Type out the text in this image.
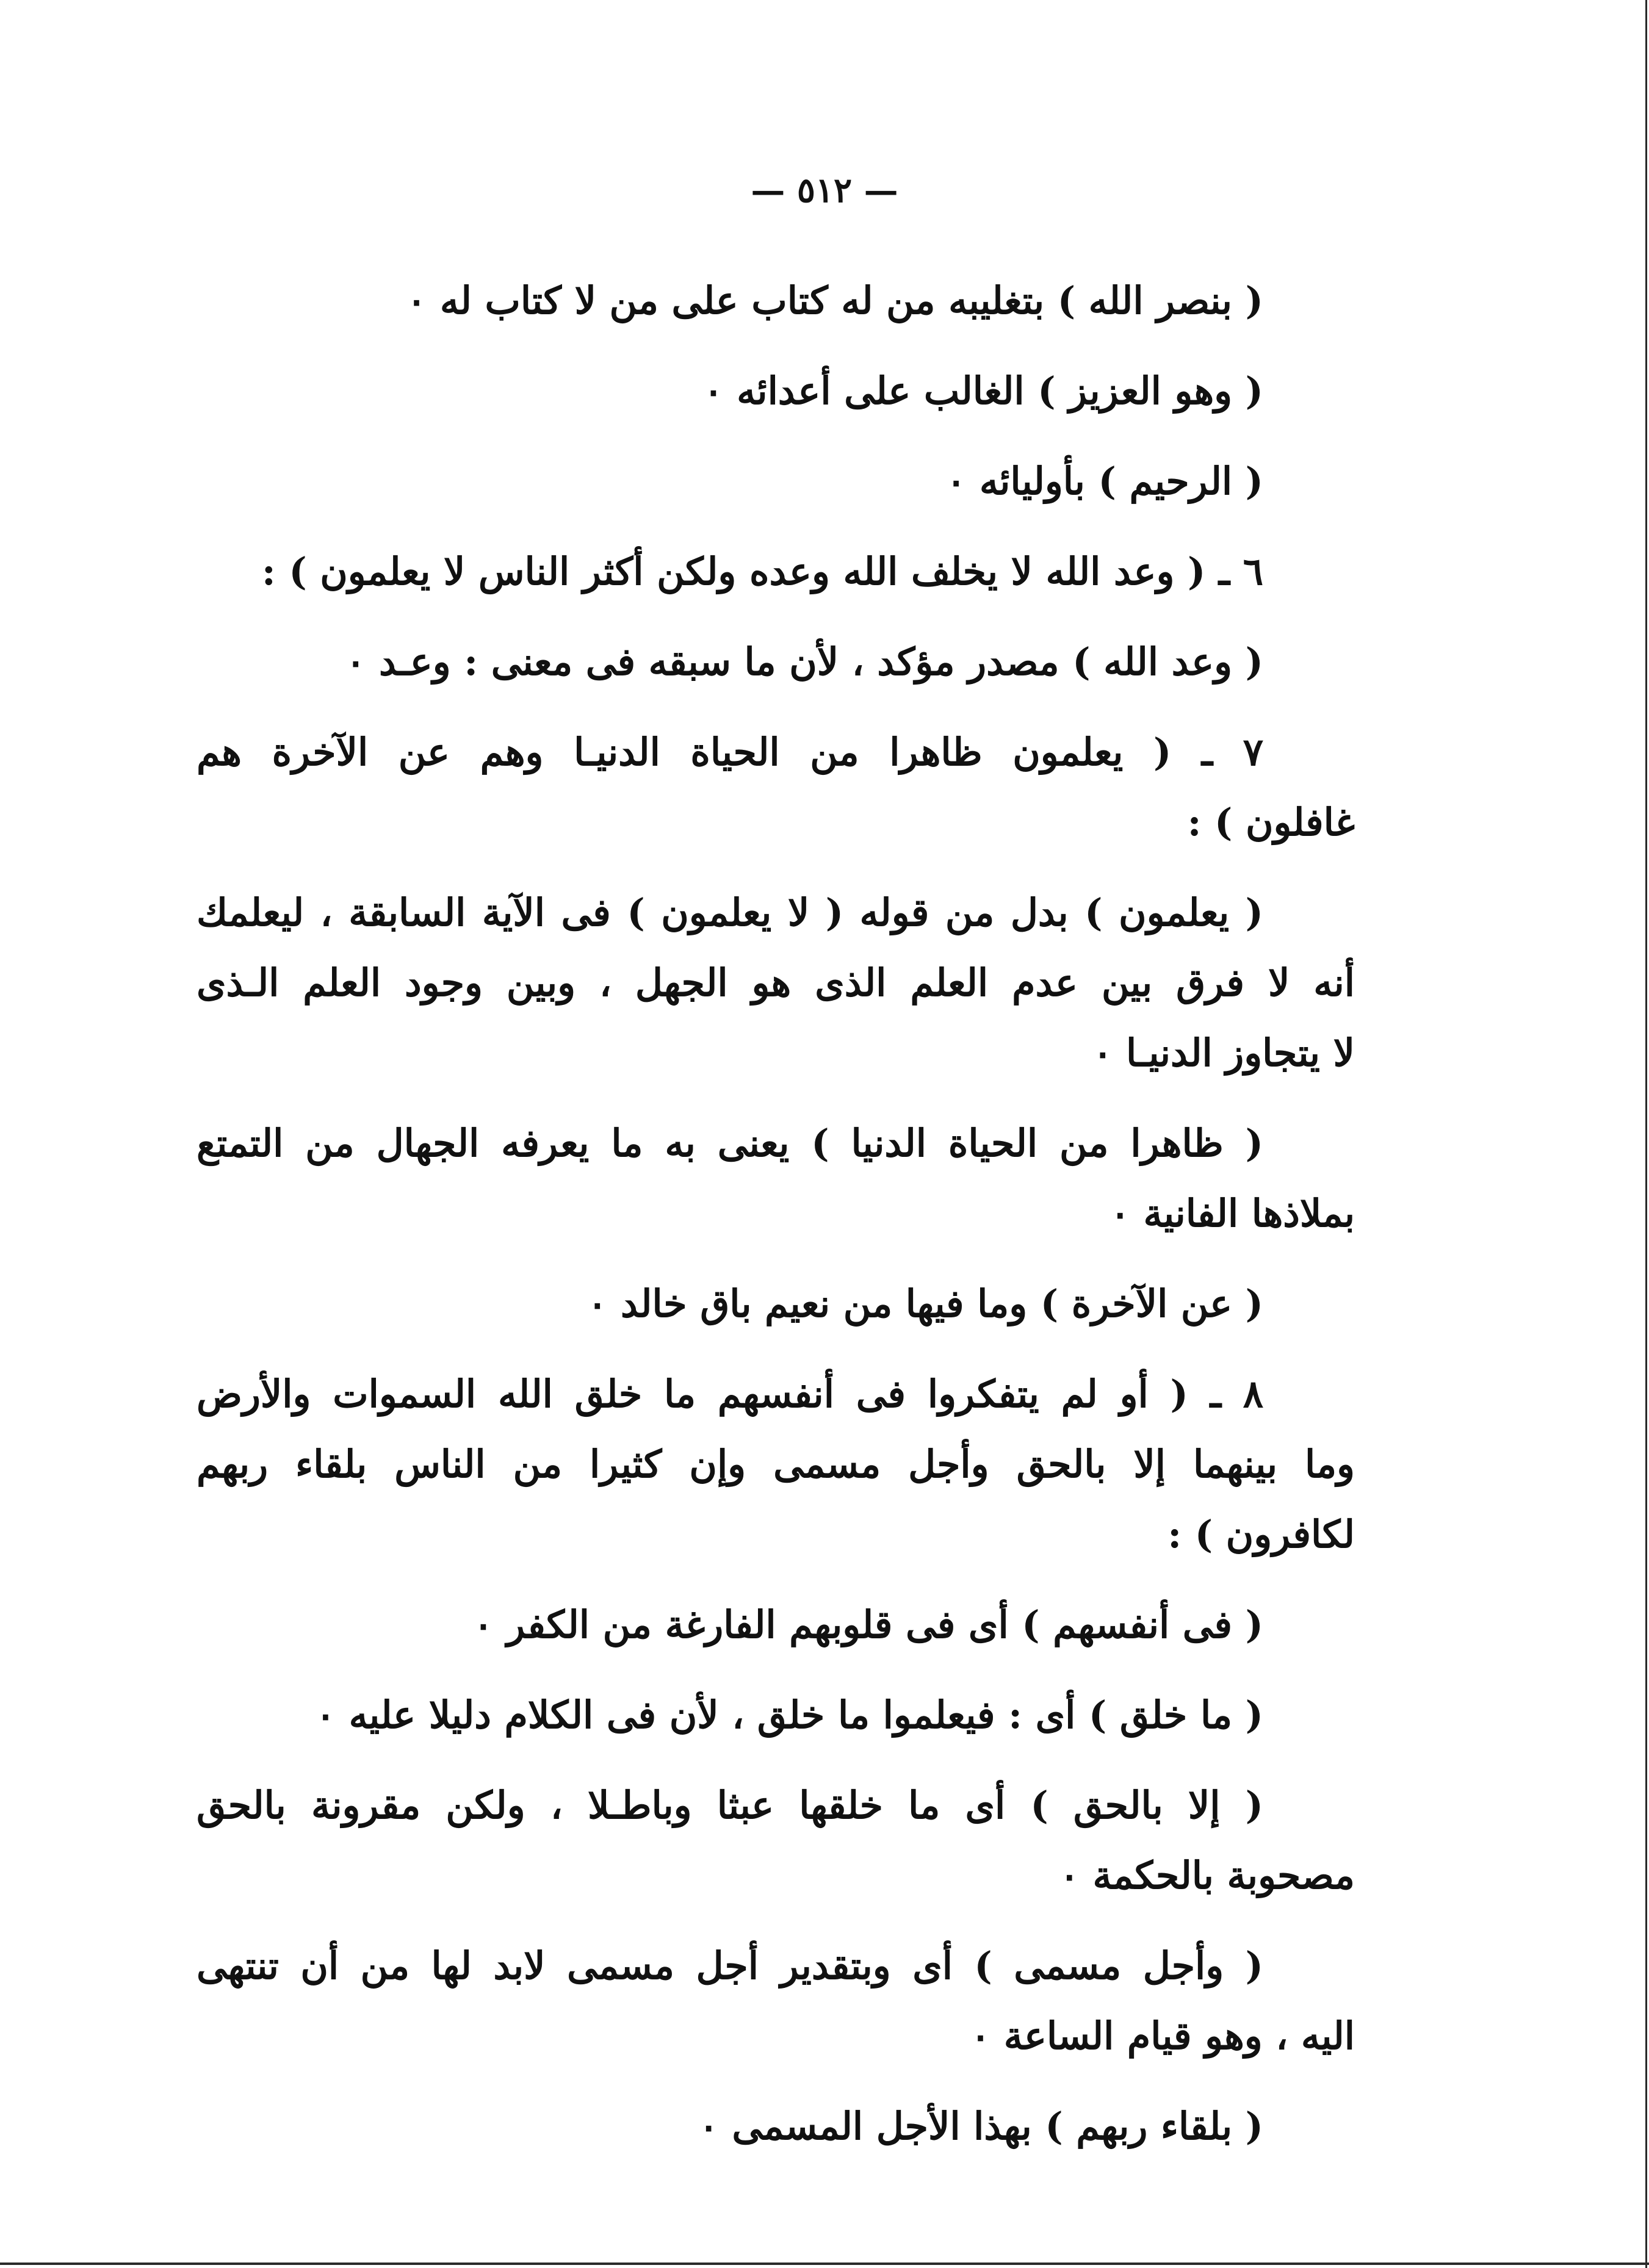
— ٥١٢ —

( بنصر الله ) بتغليبه من له كتاب على من لا كتاب له ٠

( وهو العزيز ) الغالب على أعدائه ٠

( الرحيم ) بأوليائه ٠

٦ ـ ( وعد الله لا يخلف الله وعده ولكن أكثر الناس لا يعلمون ) :

( وعد الله ) مصدر مؤكد ، لأن ما سبقه فى معنى : وعـد ٠

٧ ـ ( يعلمون ظاهرا من الحياة الدنيـا وهم عن الآخرة هم
غافلون ) :
( يعلمون ) بدل من قوله ( لا يعلمون ) فى الآية السابقة ، ليعلمك
أنه لا فرق بين عدم العلم الذى هو الجهل ، وبين وجود العلم الـذى
لا يتجاوز الدنيـا ٠
( ظاهرا من الحياة الدنيا ) يعنى به ما يعرفه الجهال من التمتع
بملاذها الفانية ٠
( عن الآخرة ) وما فيها من نعيم باق خالد ٠
٨ ـ ( أو لم يتفكروا فى أنفسهم ما خلق الله السموات والأرض
وما بينهما إلا بالحق وأجل مسمى وإن كثيرا من الناس بلقاء ربهم
لكافرون ) :
( فى أنفسهم ) أى فى قلوبهم الفارغة من الكفر ٠
( ما خلق ) أى : فيعلموا ما خلق ، لأن فى الكلام دليلا عليه ٠
( إلا بالحق ) أى ما خلقها عبثا وباطـلا ، ولكن مقرونة بالحق
مصحوبة بالحكمة ٠
( وأجل مسمى ) أى وبتقدير أجل مسمى لابد لها من أن تنتهى
اليه ، وهو قيام الساعة ٠
( بلقاء ربهم ) بهذا الأجل المسمى ٠
